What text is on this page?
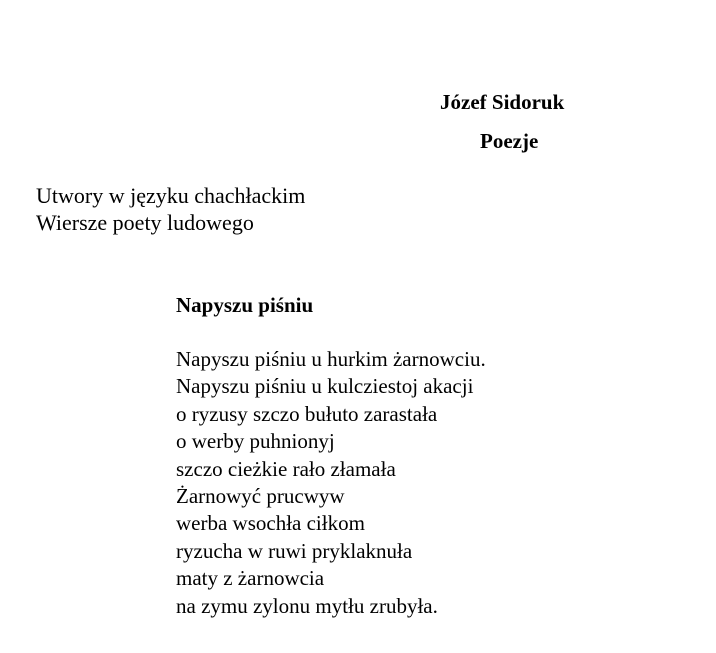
Józef Sidoruk
Poezje
Utwory w języku chachłackim
Wiersze poety ludowego
Napyszu piśniu
Napyszu piśniu u hurkim żarnowciu.
Napyszu piśniu u kulcziestoj akacji
o ryzusy szczo bułuto zarastała
o werby puhnionyj
szczo ciеżkie rało złamała
Żarnowyć prucwyw
werba wsochła ciłkom
ryzucha w ruwi pryklaknuła
maty z żarnowcia
na zymu zylonu mytłu zrubyła.
